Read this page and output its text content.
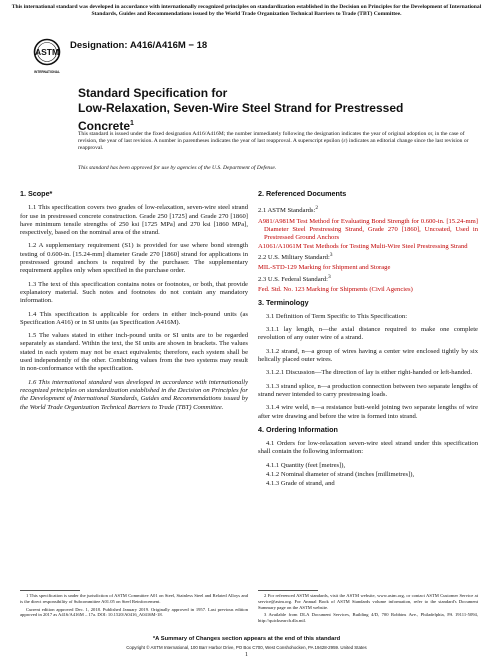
This international standard was developed in accordance with internationally recognized principles on standardization established in the Decision on Principles for the Development of International Standards, Guides and Recommendations issued by the World Trade Organization Technical Barriers to Trade (TBT) Committee.
ASTM
INTERNATIONAL
Designation: A416/A416M − 18
Standard Specification for
Low-Relaxation, Seven-Wire Steel Strand for Prestressed
Concrete$^1$
This standard is issued under the fixed designation A416/A416M; the number immediately following the designation indicates the year of original adoption or, in the case of revision, the year of last revision. A number in parentheses indicates the year of last reapproval. A superscript epsilon (ε) indicates an editorial change since the last revision or reapproval.
This standard has been approved for use by agencies of the U.S. Department of Defense.
1. Scope*

1.1 This specification covers two grades of low-relaxation, seven-wire steel strand for use in prestressed concrete construction. Grade 250 [1725] and Grade 270 [1860] have minimum tensile strengths of 250 ksi [1725 MPa] and 270 ksi [1860 MPa], respectively, based on the nominal area of the strand.

1.2 A supplementary requirement (S1) is provided for use where bond strength testing of 0.600-in. [15.24-mm] diameter Grade 270 [1860] strand for applications in prestressed ground anchors is required by the purchaser. The supplementary requirement applies only when specified in the purchase order.

1.3 The text of this specification contains notes or footnotes, or both, that provide explanatory material. Such notes and footnotes do not contain any mandatory information.

1.4 This specification is applicable for orders in either inch-pound units (as Specification A416) or in SI units (as Specification A416M).

1.5 The values stated in either inch-pound units or SI units are to be regarded separately as standard. Within the text, the SI units are shown in brackets. The values stated in each system may not be exact equivalents; therefore, each system shall be used independently of the other. Combining values from the two systems may result in non-conformance with the specification.

1.6 This international standard was developed in accordance with internationally recognized principles on standardization established in the Decision on Principles for the Development of International Standards, Guides and Recommendations issued by the World Trade Organization Technical Barriers to Trade (TBT) Committee.

2. Referenced Documents
2.1 ASTM Standards:$^2$
A981/A981M Test Method for Evaluating Bond Strength for 0.600-in. [15.24-mm] Diameter Steel Prestressing Strand, Grade 270 [1860], Uncoated, Used in Prestressed Ground Anchors
A1061/A1061M Test Methods for Testing Multi-Wire Steel Prestressing Strand
2.2 U.S. Military Standard:$^3$
MIL-STD-129 Marking for Shipment and Storage
2.3 U.S. Federal Standard:$^3$
Fed. Std. No. 123 Marking for Shipments (Civil Agencies)
3. Terminology

3.1 Definition of Term Specific to This Specification:

3.1.1 lay length, n—the axial distance required to make one complete revolution of any outer wire of a strand.

3.1.2 strand, n—a group of wires having a center wire enclosed tightly by six helically placed outer wires.

3.1.2.1 Discussion—The direction of lay is either right-handed or left-handed.

3.1.3 strand splice, n—a production connection between two separate lengths of strand never intended to carry prestressing loads.

3.1.4 wire weld, n—a resistance butt-weld joining two separate lengths of wire after wire drawing and before the wire is formed into strand.

4. Ordering Information

4.1 Orders for low-relaxation seven-wire steel strand under this specification shall contain the following information:

4.1.1 Quantity (feet [metres]),

4.1.2 Nominal diameter of strand (inches [millimetres]),

4.1.3 Grade of strand, and

1 This specification is under the jurisdiction of ASTM Committee A01 on Steel, Stainless Steel and Related Alloys and is the direct responsibility of Subcommittee A01.05 on Steel Reinforcement.

Current edition approved Dec. 1, 2018. Published January 2019. Originally approved in 1957. Last previous edition approved in 2017 as A416/A416M – 17a. DOI: 10.1520/A0416_A0416M-18.

2 For referenced ASTM standards, visit the ASTM website, www.astm.org, or contact ASTM Customer Service at service@astm.org. For Annual Book of ASTM Standards volume information, refer to the standard's Document Summary page on the ASTM website.

3 Available from DLA Document Services, Building 4/D, 700 Robbins Ave., Philadelphia, PA 19111-5094, http://quicksearch.dla.mil.

*A Summary of Changes section appears at the end of this standard
Copyright © ASTM International, 100 Barr Harbor Drive, PO Box C700, West Conshohocken, PA 19428-2959. United States
1
